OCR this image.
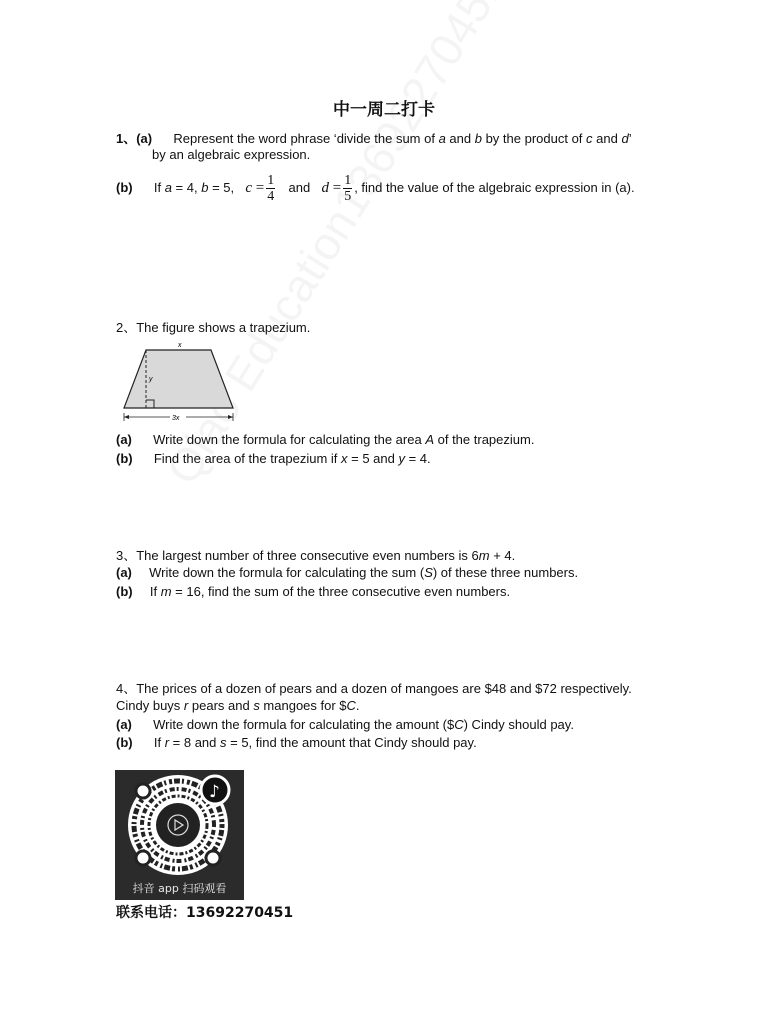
中一周二打卡
1、(a) Represent the word phrase ‘divide the sum of a and b by the product of c and d’
by an algebraic expression.
(b) If a = 4, b = 5, $c = \frac{1}{4}$ and $d = \frac{1}{5}$ , find the value of the algebraic expression in (a).
2、The figure shows a trapezium.
x
y
3x
(a) Write down the formula for calculating the area A of the trapezium.
(b) Find the area of the trapezium if x = 5 and y = 4.
3、The largest number of three consecutive even numbers is 6m + 4.
(a) Write down the formula for calculating the sum (S) of these three numbers.
(b) If m = 16, find the sum of the three consecutive even numbers.
4、The prices of a dozen of pears and a dozen of mangoes are $48 and $72 respectively.
Cindy buys r pears and s mangoes for $C.
(a) Write down the formula for calculating the amount ($C) Cindy should pay.
(b) If r = 8 and s = 5, find the amount that Cindy should pay.
♪
抖音 app 扫码观看
联系电话：13692270451
